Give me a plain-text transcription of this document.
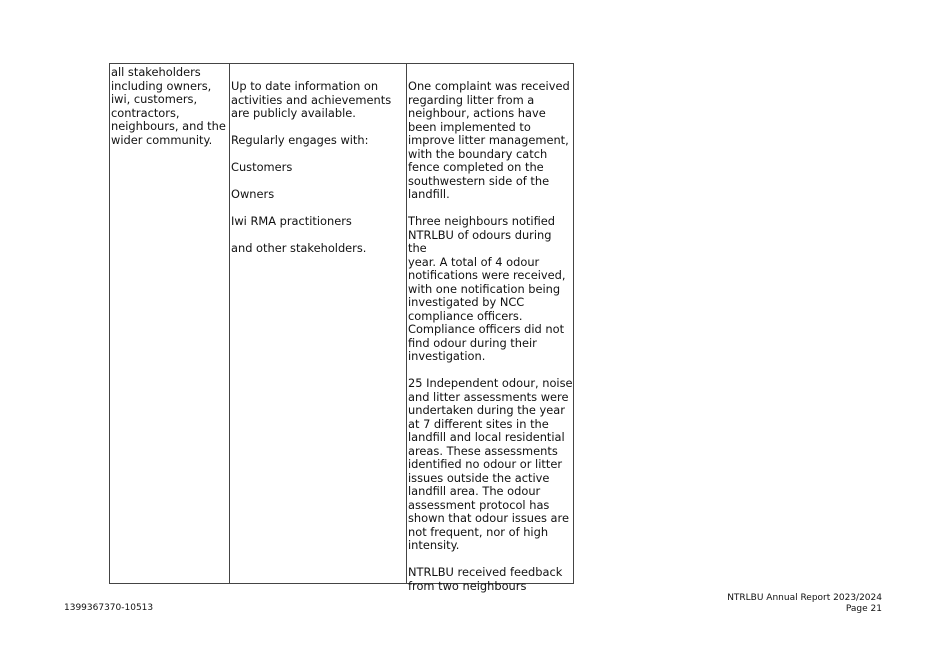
all stakeholders
including owners,
iwi, customers,
contractors,
neighbours, and the
wider community.

Up to date information on
activities and achievements
are publicly available.

Regularly engages with:

Customers

Owners

Iwi RMA practitioners

and other stakeholders.

One complaint was received
regarding litter from a
neighbour, actions have
been implemented to
improve litter management,
with the boundary catch
fence completed on the
southwestern side of the
landfill.

Three neighbours notified
NTRLBU of odours during the
year. A total of 4 odour
notifications were received,
with one notification being
investigated by NCC
compliance officers.
Compliance officers did not
find odour during their
investigation.

25 Independent odour, noise
and litter assessments were
undertaken during the year
at 7 different sites in the
landfill and local residential
areas. These assessments
identified no odour or litter
issues outside the active
landfill area. The odour
assessment protocol has
shown that odour issues are
not frequent, nor of high
intensity.

NTRLBU received feedback
from two neighbours

1399367370-10513
NTRLBU Annual Report 2023/2024
Page 21
